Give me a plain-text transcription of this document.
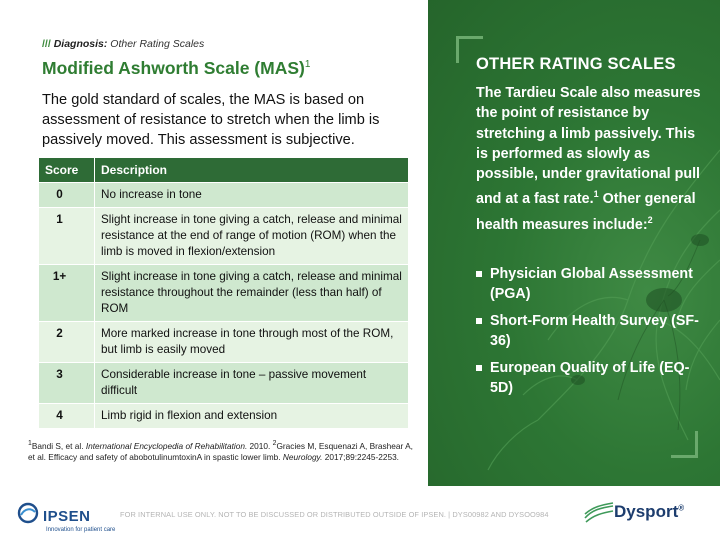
/// Diagnosis: Other Rating Scales
Modified Ashworth Scale (MAS)$^1$
The gold standard of scales, the MAS is based on assessment of resistance to stretch when the limb is passively moved. This assessment is subjective.
Score	Description
0	No increase in tone
1	Slight increase in tone giving a catch, release and minimal resistance at the end of range of motion (ROM) when the limb is moved in flexion/extension
1+	Slight increase in tone giving a catch, release and minimal resistance throughout the remainder (less than half) of ROM
2	More marked increase in tone through most of the ROM, but limb is easily moved
3	Considerable increase in tone – passive movement difficult
4	Limb rigid in flexion and extension
$^1$Bandi S, et al. International Encyclopedia of Rehabilitation. 2010. $^2$Gracies M, Esquenazi A, Brashear A, et al. Efficacy and safety of abobotulinumtoxinA in spastic lower limb. Neurology. 2017;89:2245-2253.
OTHER RATING SCALES
The Tardieu Scale also measures the point of resistance by stretching a limb passively. This is performed as slowly as possible, under gravitational pull and at a fast rate.$^1$ Other general health measures include:$^2$
Physician Global Assessment (PGA)
Short-Form Health Survey (SF-36)
European Quality of Life (EQ-5D)
IPSEN
Innovation for patient care
FOR INTERNAL USE ONLY. NOT TO BE DISCUSSED OR DISTRIBUTED OUTSIDE OF IPSEN. | DYS00982 AND DYSOO984	Dysport®
